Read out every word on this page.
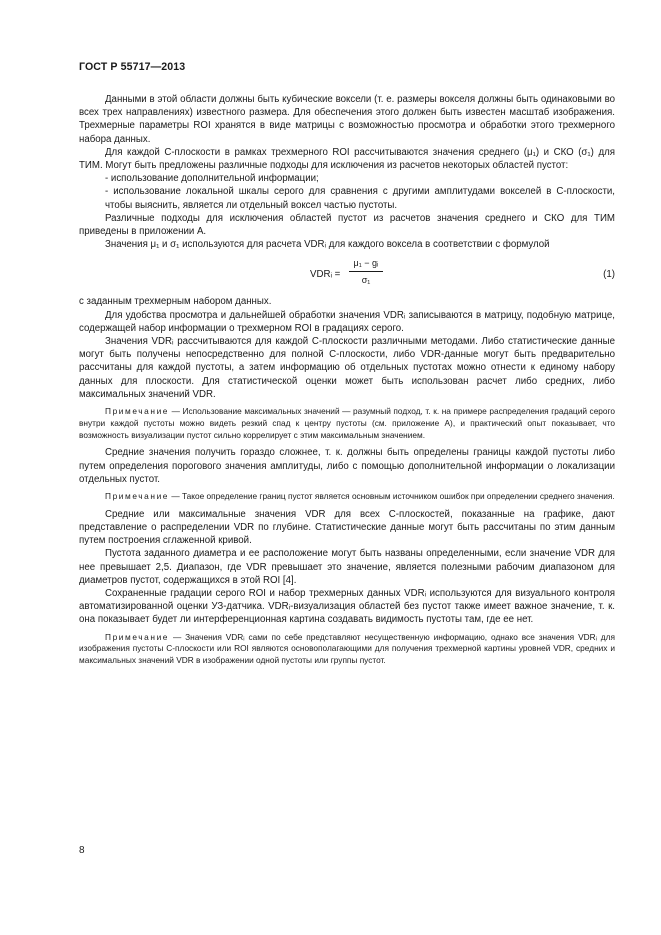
ГОСТ Р 55717—2013

Данными в этой области должны быть кубические воксели (т. е. размеры вокселя должны быть одинаковыми во всех трех направлениях) известного размера. Для обеспечения этого должен быть известен масштаб изображения. Трехмерные параметры ROI хранятся в виде матрицы с возможностью просмотра и обработки этого трехмерного набора данных.

Для каждой C-плоскости в рамках трехмерного ROI рассчитываются значения среднего (μ₁) и СКО (σ₁) для ТИМ. Могут быть предложены различные подходы для исключения из расчетов некоторых областей пустот:

- использование дополнительной информации;

- использование локальной шкалы серого для сравнения с другими амплитудами вокселей в C-плоскости, чтобы выяснить, является ли отдельный воксел частью пустоты.

Различные подходы для исключения областей пустот из расчетов значения среднего и СКО для ТИМ приведены в приложении А.

Значения μ₁ и σ₁ используются для расчета VDRᵢ для каждого воксела в соответствии с формулой

VDRᵢ =
μ₁ − gᵢ
σ₁	(1)

с заданным трехмерным набором данных.

Для удобства просмотра и дальнейшей обработки значения VDRᵢ записываются в матрицу, подобную матрице, содержащей набор информации о трехмерном ROI в градациях серого.

Значения VDRᵢ рассчитываются для каждой C-плоскости различными методами. Либо статистические данные могут быть получены непосредственно для полной C-плоскости, либо VDR-данные могут быть предварительно рассчитаны для каждой пустоты, а затем информацию об отдельных пустотах можно отнести к единому набору данных для плоскости. Для статистической оценки может быть использован расчет либо средних, либо максимальных значений VDR.

Примечание — Использование максимальных значений — разумный подход, т. к. на примере распределения градаций серого внутри каждой пустоты можно видеть резкий спад к центру пустоты (см. приложение А), и практический опыт показывает, что возможность визуализации пустот сильно коррелирует с этим максимальным значением.

Средние значения получить гораздо сложнее, т. к. должны быть определены границы каждой пустоты либо путем определения порогового значения амплитуды, либо с помощью дополнительной информации о локализации отдельных пустот.

Примечание — Такое определение границ пустот является основным источником ошибок при определении среднего значения.

Средние или максимальные значения VDR для всех C-плоскостей, показанные на графике, дают представление о распределении VDR по глубине. Статистические данные могут быть рассчитаны по этим данным путем построения сглаженной кривой.

Пустота заданного диаметра и ее расположение могут быть названы определенными, если значение VDR для нее превышает 2,5. Диапазон, где VDR превышает это значение, является полезными рабочим диапазоном для диаметров пустот, содержащихся в этой ROI [4].

Сохраненные градации серого ROI и набор трехмерных данных VDRᵢ используются для визуального контроля автоматизированной оценки УЗ-датчика. VDRᵢ-визуализация областей без пустот также имеет важное значение, т. к. она показывает будет ли интерференционная картина создавать видимость пустоты там, где ее нет.

Примечание — Значения VDRᵢ сами по себе представляют несущественную информацию, однако все значения VDRᵢ для изображения пустоты C-плоскости или ROI являются основополагающими для получения трехмерной картины уровней VDR, средних и максимальных значений VDR в изображении одной пустоты или группы пустот.

8
